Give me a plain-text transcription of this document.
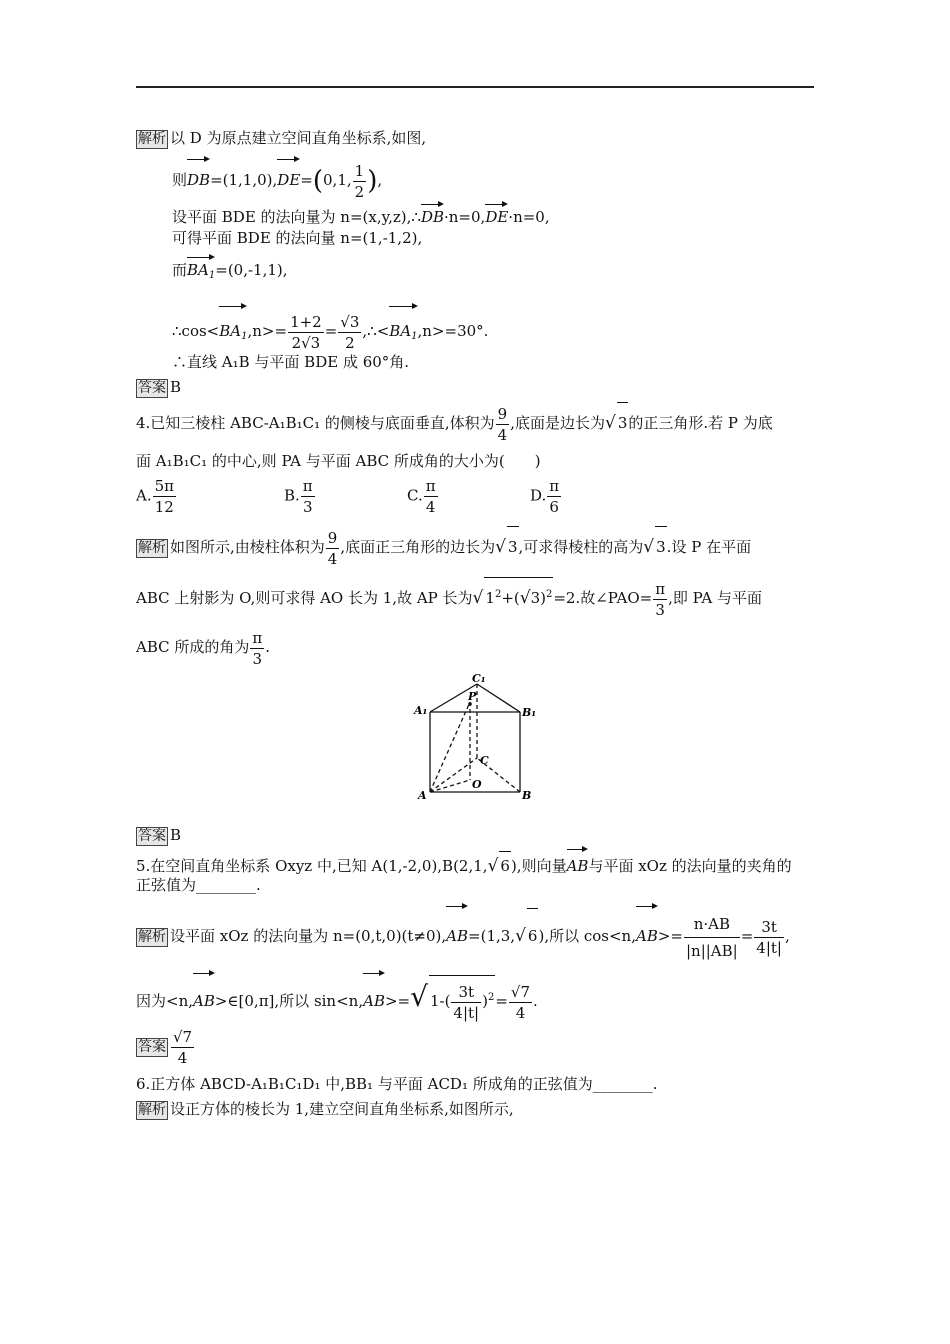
解析 以 D 为原点建立空间直角坐标系,如图,
则DB=(1,1,0),DE=(0,1, $\frac{1}{2}$ ),
设平面 BDE 的法向量为 n=(x,y,z),∴DB·n=0,DE·n=0,
可得平面 BDE 的法向量 n=(1,-1,2),
而$BA_1=(0,-1,1)$,
$\therefore\cos<BA_1,n>= \frac{1+2}{2√3} = \frac{√3}{2}$ $,\therefore<BA_1,n>=30^\circ$.
∴直线 A₁B 与平面 BDE 成 60°角.
答案 B
4.已知三棱柱 ABC-A₁B₁C₁ 的侧棱与底面垂直,体积为 $\frac{9}{4}$ ,底面是边长为√ 3的正三角形.若 P 为底
面 A₁B₁C₁ 的中心,则 PA 与平面 ABC 所成角的大小为(　　)
A. $\frac{5\pi}{12}$	B. $\frac{\pi}{3}$	C. $\frac{\pi}{4}$	D. $\frac{\pi}{6}$
解析 如图所示,由棱柱体积为 $\frac{9}{4}$ ,底面正三角形的边长为√ 3,可求得棱柱的高为√ 3.设 P 在平面
ABC 上射影为 O,则可求得 AO 长为 1,故 AP 长为√ $1^2+(√3)^2=2$.故∠PAO= $\frac{\pi}{3}$ ,即 PA 与平面
ABC 所成的角为 $\frac{\pi}{3}$ .
C₁
A₁	B₁
P
C
O
A	B
答案 B
5.在空间直角坐标系 Oxyz 中,已知 A(1,-2,0),B(2,1,√ 6),则向量AB与平面 xOz 的法向量的夹角的
正弦值为________.
解析 设平面 xOz 的法向量为 n=(0,t,0)(t≠0),AB=(1,3,√ 6),所以 $\cos<n,AB>= \frac{n\cdot AB}{|n||AB|} = \frac{3t}{4|t|}$ ,
因为<n,AB>∈[0,π],所以 sin<n,AB>=√ $1-( \frac{3t}{4|t|} )^2= \frac{√7}{4}$ .
答案 $\frac{√7}{4}$
6.正方体 ABCD-A₁B₁C₁D₁ 中,BB₁ 与平面 ACD₁ 所成角的正弦值为________.
解析 设正方体的棱长为 1,建立空间直角坐标系,如图所示,
